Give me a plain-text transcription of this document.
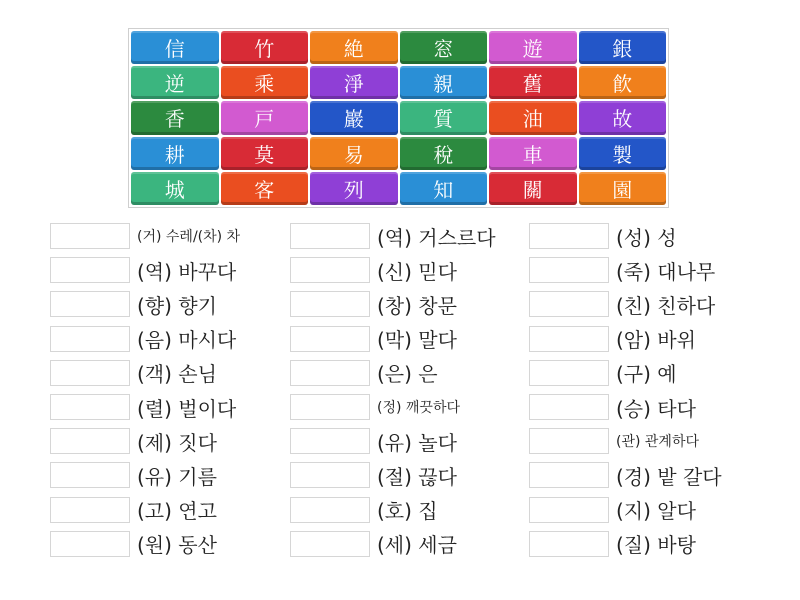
信	竹	絶	窓	遊	銀
逆	乘	淨	親	舊	飮
香	戸	巖	質	油	故
耕	莫	易	稅	車	製
城	客	列	知	關	園
(거) 수레/(차) 차	(역) 거스르다	(성) 성
(역) 바꾸다	(신) 믿다	(죽) 대나무
(향) 향기	(창) 창문	(친) 친하다
(음) 마시다	(막) 말다	(암) 바위
(객) 손님	(은) 은	(구) 예
(렬) 벌이다	(정) 깨끗하다	(승) 타다
(제) 짓다	(유) 놀다	(관) 관계하다
(유) 기름	(절) 끊다	(경) 밭 갈다
(고) 연고	(호) 집	(지) 알다
(원) 동산	(세) 세금	(질) 바탕
